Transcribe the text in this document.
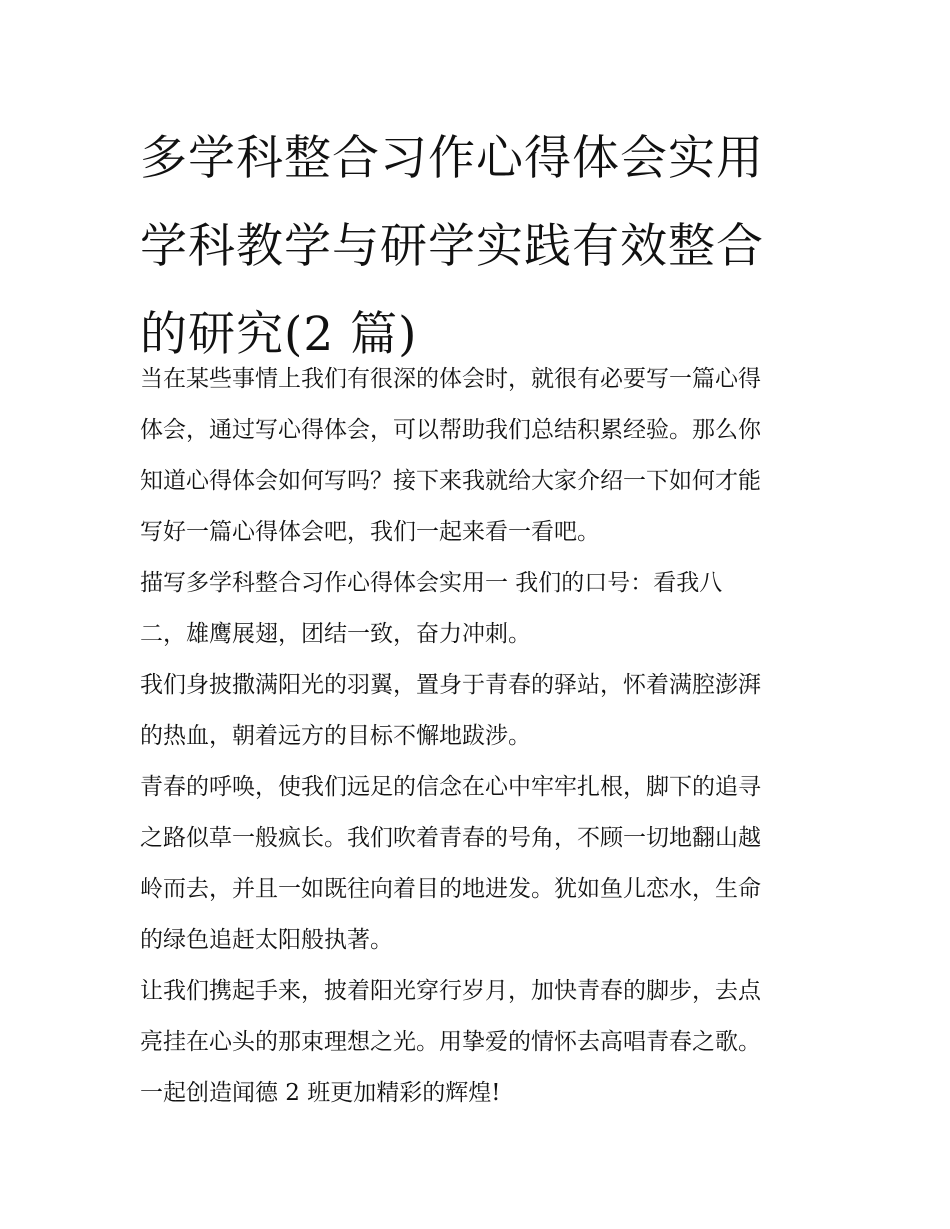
多学科整合习作心得体会实用
学科教学与研学实践有效整合
的研究(2 篇)

当在某些事情上我们有很深的体会时，就很有必要写一篇心得
体会，通过写心得体会，可以帮助我们总结积累经验。那么你
知道心得体会如何写吗？接下来我就给大家介绍一下如何才能
写好一篇心得体会吧，我们一起来看一看吧。

描写多学科整合习作心得体会实用一 我们的口号：看我八
二，雄鹰展翅，团结一致，奋力冲刺。

我们身披撒满阳光的羽翼，置身于青春的驿站，怀着满腔澎湃
的热血，朝着远方的目标不懈地跋涉。

青春的呼唤，使我们远足的信念在心中牢牢扎根，脚下的追寻
之路似草一般疯长。我们吹着青春的号角，不顾一切地翻山越
岭而去，并且一如既往向着目的地进发。犹如鱼儿恋水，生命
的绿色追赶太阳般执著。

让我们携起手来，披着阳光穿行岁月，加快青春的脚步，去点
亮挂在心头的那束理想之光。用挚爱的情怀去高唱青春之歌。
一起创造闻德 2 班更加精彩的辉煌!
